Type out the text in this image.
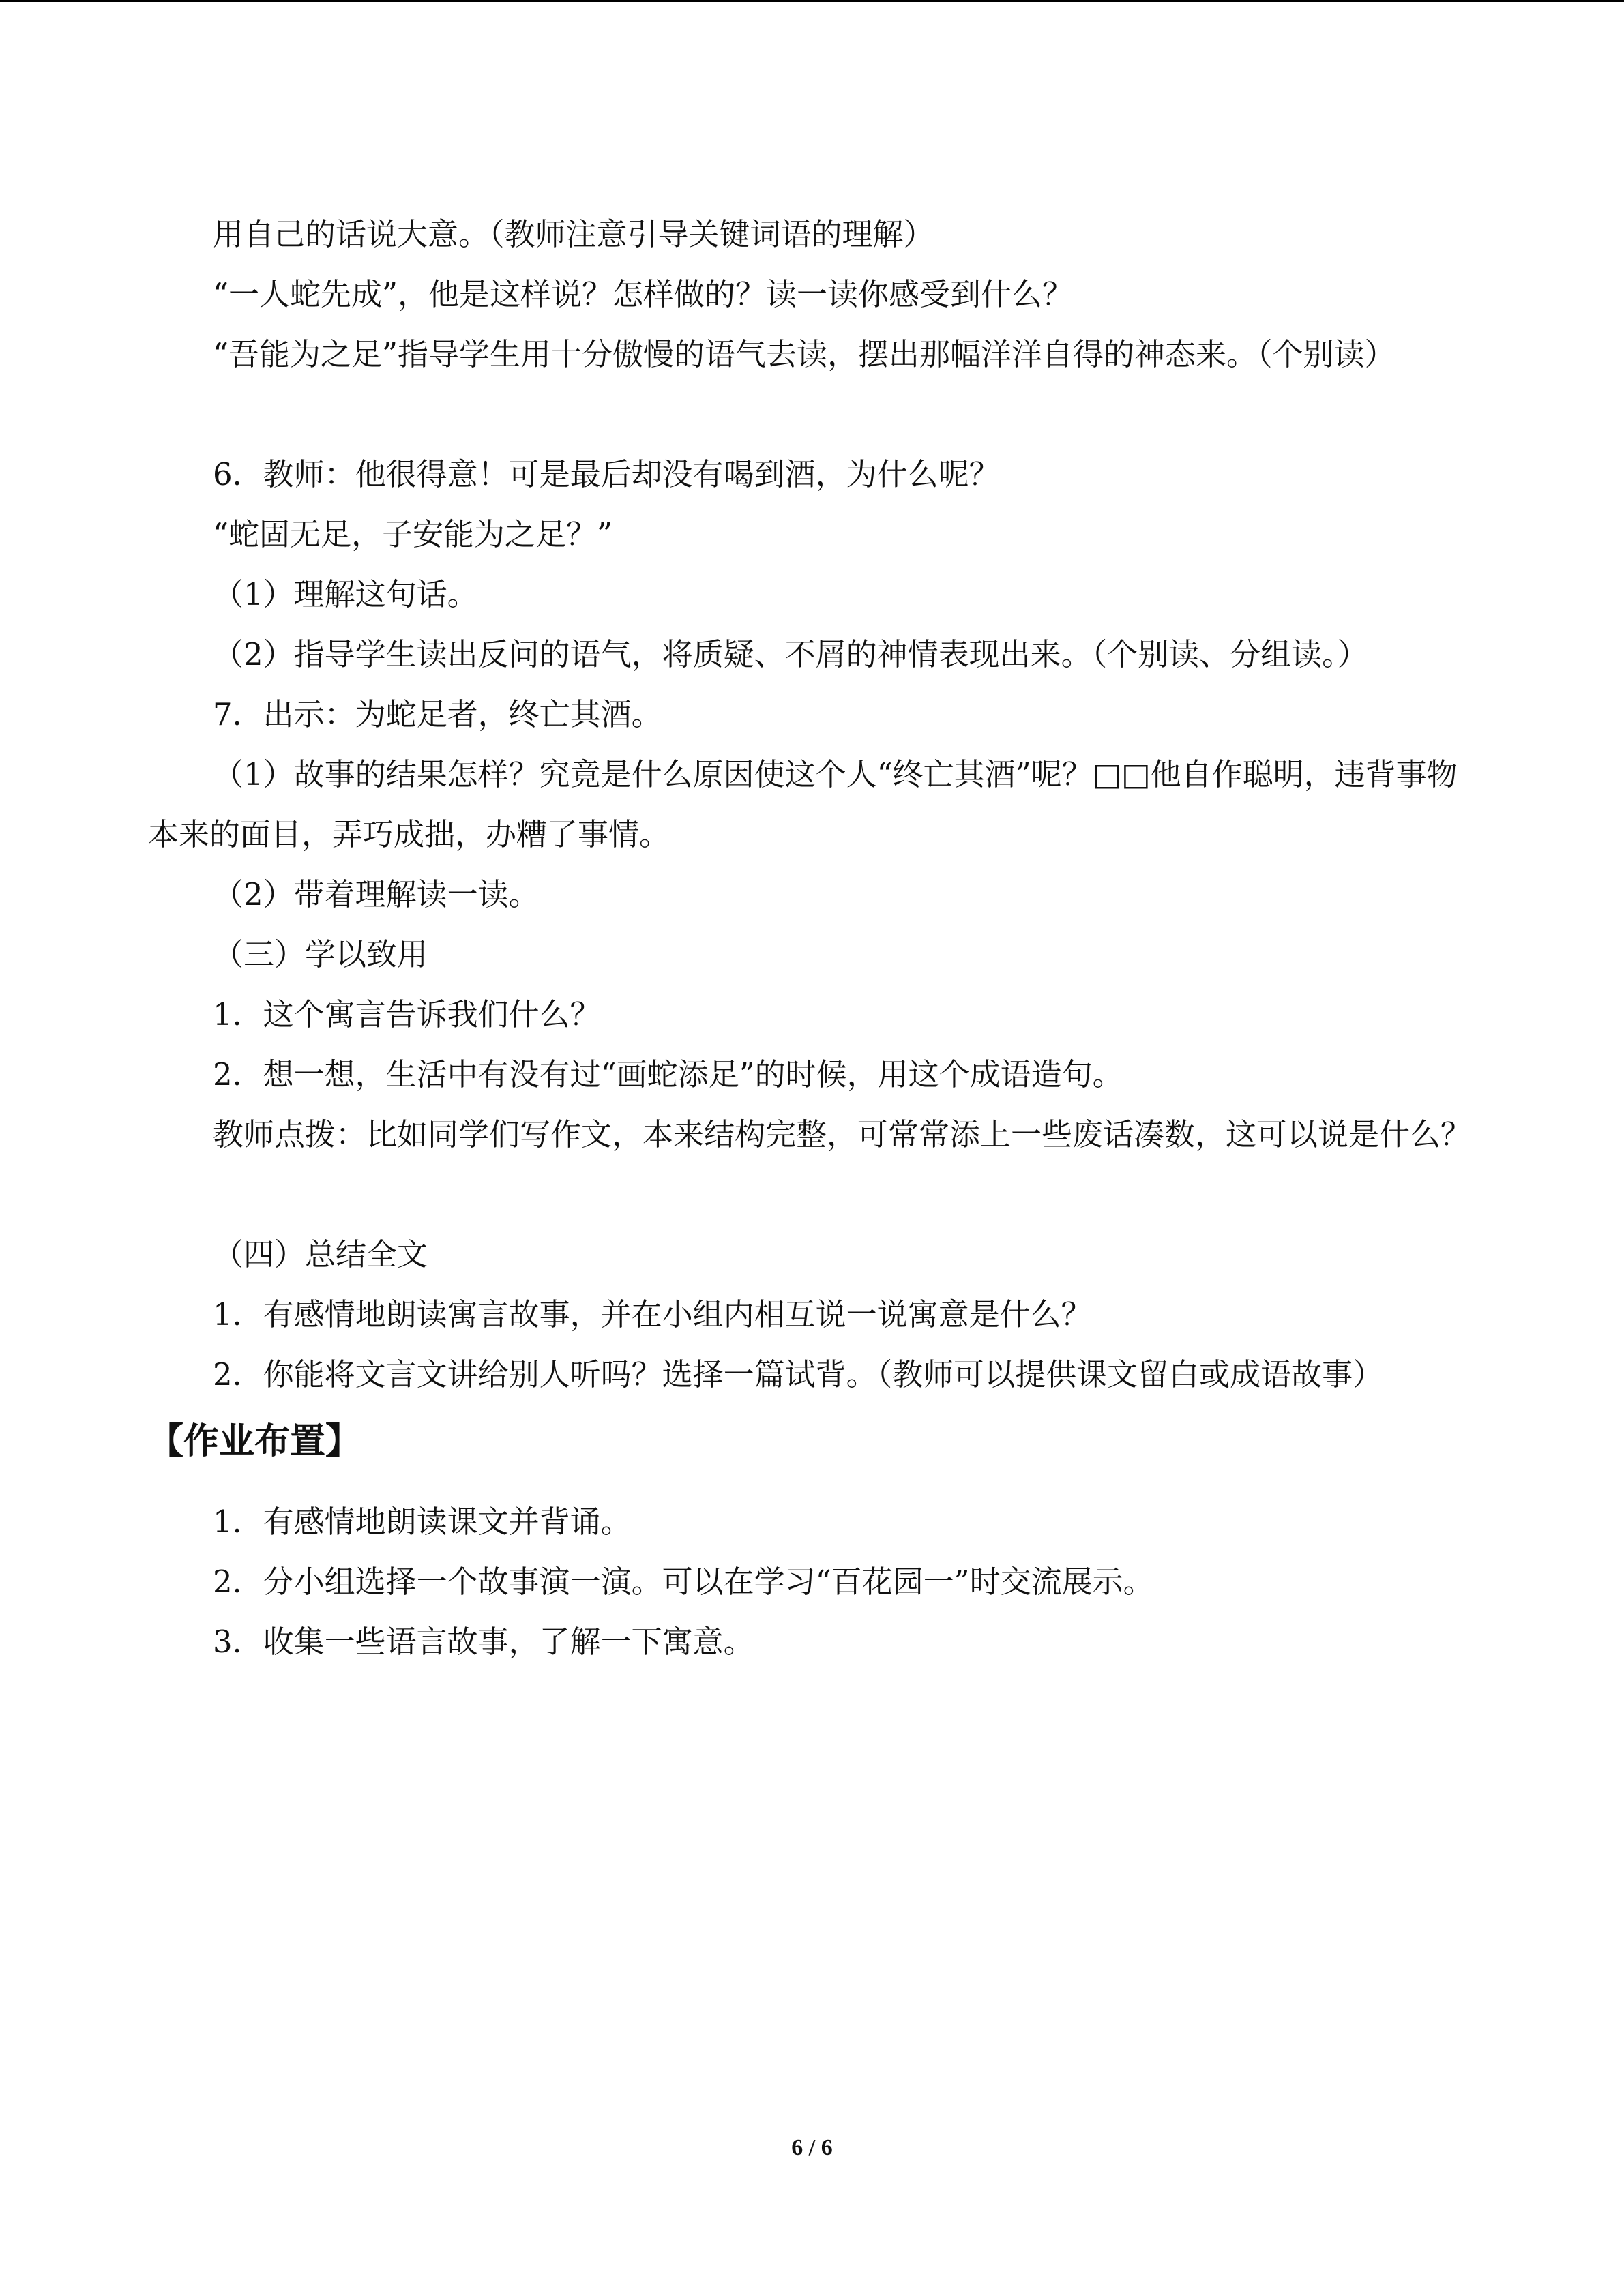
用自己的话说大意。（教师注意引导关键词语的理解）

“一人蛇先成”，他是这样说？怎样做的？读一读你感受到什么？

“吾能为之足”指导学生用十分傲慢的语气去读，摆出那幅洋洋自得的神态来。（个别读）

6．教师：他很得意！可是最后却没有喝到酒，为什么呢？

“蛇固无足，子安能为之足？”

（1）理解这句话。

（2）指导学生读出反问的语气，将质疑、不屑的神情表现出来。（个别读、分组读。）

7．出示：为蛇足者，终亡其酒。

（1）故事的结果怎样？究竟是什么原因使这个人“终亡其酒”呢？□□他自作聪明，违背事物本来的面目，弄巧成拙，办糟了事情。

（2）带着理解读一读。

（三）学以致用

1．这个寓言告诉我们什么？

2．想一想，生活中有没有过“画蛇添足”的时候，用这个成语造句。

教师点拨：比如同学们写作文，本来结构完整，可常常添上一些废话凑数，这可以说是什么？

（四）总结全文

1．有感情地朗读寓言故事，并在小组内相互说一说寓意是什么？

2．你能将文言文讲给别人听吗？选择一篇试背。（教师可以提供课文留白或成语故事）

【作业布置】

1．有感情地朗读课文并背诵。

2．分小组选择一个故事演一演。可以在学习“百花园一”时交流展示。

3．收集一些语言故事，了解一下寓意。

6 / 6
